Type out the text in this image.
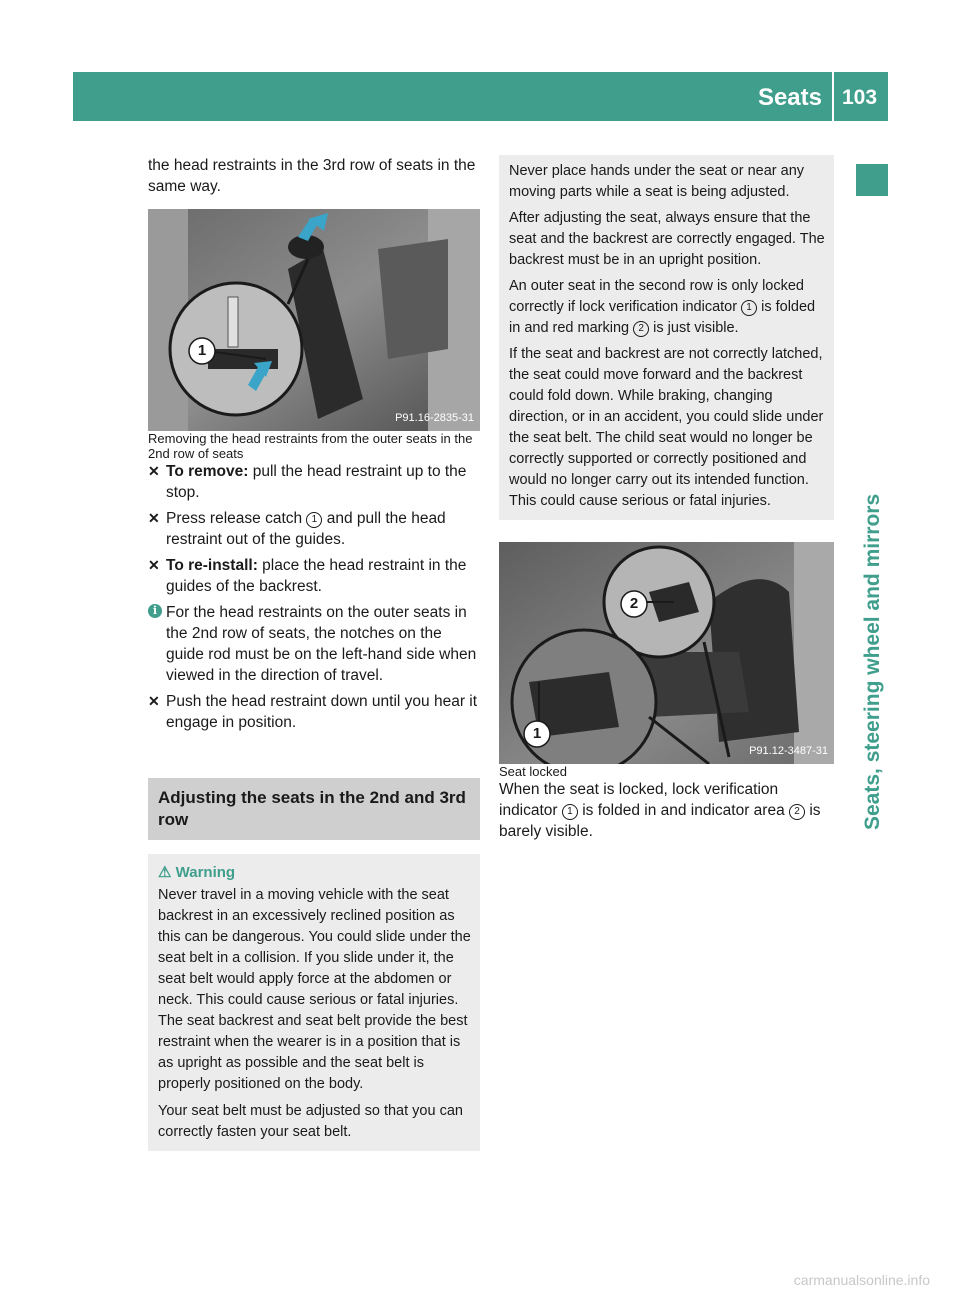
Seats 103
Seats, steering wheel and mirrors

the head restraints in the 3rd row of seats in the same way.

1
P91.16-2835-31

Removing the head restraints from the outer seats in the 2nd row of seats

✕ To remove: pull the head restraint up to the stop.
✕ Press release catch 1 and pull the head restraint out of the guides.
✕ To re-install: place the head restraint in the guides of the backrest.
i For the head restraints on the outer seats in the 2nd row of seats, the notches on the guide rod must be on the left-hand side when viewed in the direction of travel.
✕ Push the head restraint down until you hear it engage in position.
Adjusting the seats in the 2nd and 3rd row

⚠ Warning

Never travel in a moving vehicle with the seat backrest in an excessively reclined position as this can be dangerous. You could slide under the seat belt in a collision. If you slide under it, the seat belt would apply force at the abdomen or neck. This could cause serious or fatal injuries. The seat backrest and seat belt provide the best restraint when the wearer is in a position that is as upright as possible and the seat belt is properly positioned on the body.

Your seat belt must be adjusted so that you can correctly fasten your seat belt.

Never place hands under the seat or near any moving parts while a seat is being adjusted.

After adjusting the seat, always ensure that the seat and the backrest are correctly engaged. The backrest must be in an upright position.

An outer seat in the second row is only locked correctly if lock verification indicator 1 is folded in and red marking 2 is just visible.

If the seat and backrest are not correctly latched, the seat could move forward and the backrest could fold down. While braking, changing direction, or in an accident, you could slide under the seat belt. The child seat would no longer be correctly supported or correctly positioned and would no longer carry out its intended function. This could cause serious or fatal injuries.

2
1
P91.12-3487-31

Seat locked

When the seat is locked, lock verification indicator 1 is folded in and indicator area 2 is barely visible.

carmanualsonline.info
